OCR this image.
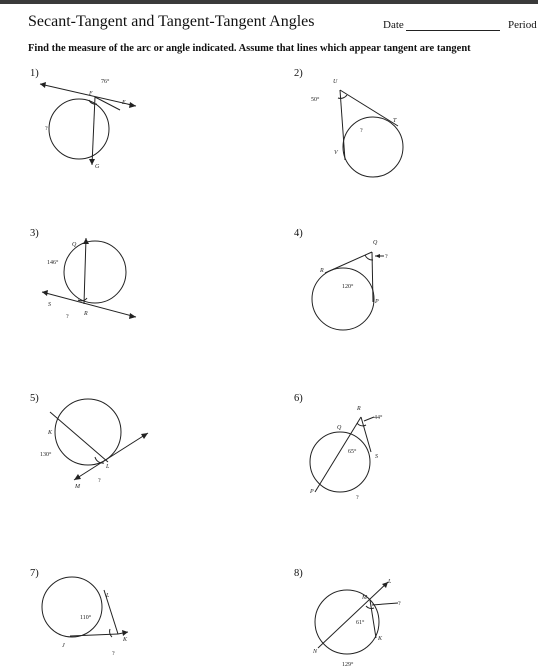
Secant-Tangent and Tangent-Tangent Angles	Date	Period
Find the measure of the arc or angle indicated. Assume that lines which appear tangent are tangent
1)	2)
3)	4)
5)	6)
7)	8)
76°
?
F
E
G
U
50°
T
?
V
Q
146°
S
?	R
Q
?
R
120°
P
K
130°
L
?
M
R
44°
Q
65°
S
P
?
L
110°
K
J
?
L
M
?
61°
K
N
129°
